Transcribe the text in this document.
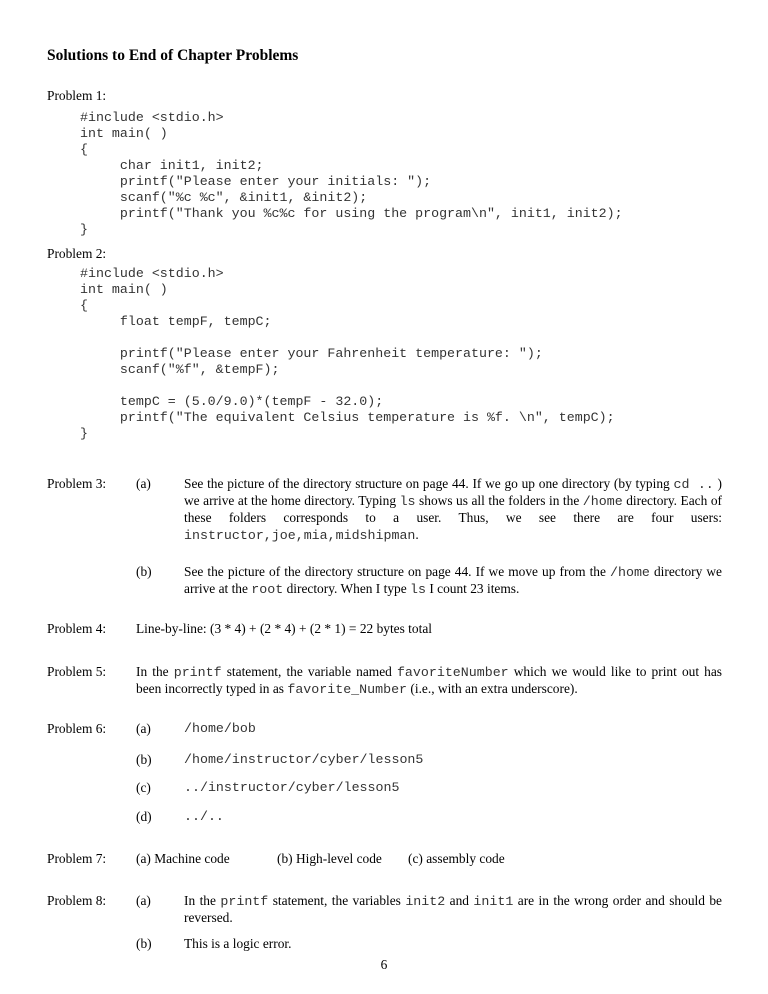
Solutions to End of Chapter Problems
Problem 1:
#include <stdio.h>
int main( )
{
char init1, init2;
printf("Please enter your initials: ");
scanf("%c %c", &init1, &init2);
printf("Thank you %c%c for using the program\n", init1, init2);
}
Problem 2:
#include <stdio.h>
int main( )
{
float tempF, tempC;

printf("Please enter your Fahrenheit temperature: ");
scanf("%f", &tempF);

tempC = (5.0/9.0)*(tempF - 32.0);
printf("The equivalent Celsius temperature is %f. \n", tempC);
}
Problem 3: (a) See the picture of the directory structure on page 44. If we go up one directory (by typing cd .. ) we arrive at the home directory. Typing ls shows us all the folders in the /home directory. Each of these folders corresponds to a user. Thus, we see there are four users: instructor,joe,mia,midshipman.
(b) See the picture of the directory structure on page 44. If we move up from the /home directory we arrive at the root directory. When I type ls I count 23 items.
Problem 4: Line-by-line: (3 * 4) + (2 * 4) + (2 * 1) = 22 bytes total
Problem 5: In the printf statement, the variable named favoriteNumber which we would like to print out has been incorrectly typed in as favorite_Number (i.e., with an extra underscore).
Problem 6: (a) /home/bob
(b) /home/instructor/cyber/lesson5
(c) ../instructor/cyber/lesson5
(d) ../..
Problem 7: (a) Machine code	(b) High-level code (c) assembly code
Problem 8: (a) In the printf statement, the variables init2 and init1 are in the wrong order and should be reversed.
(b) This is a logic error.
6
